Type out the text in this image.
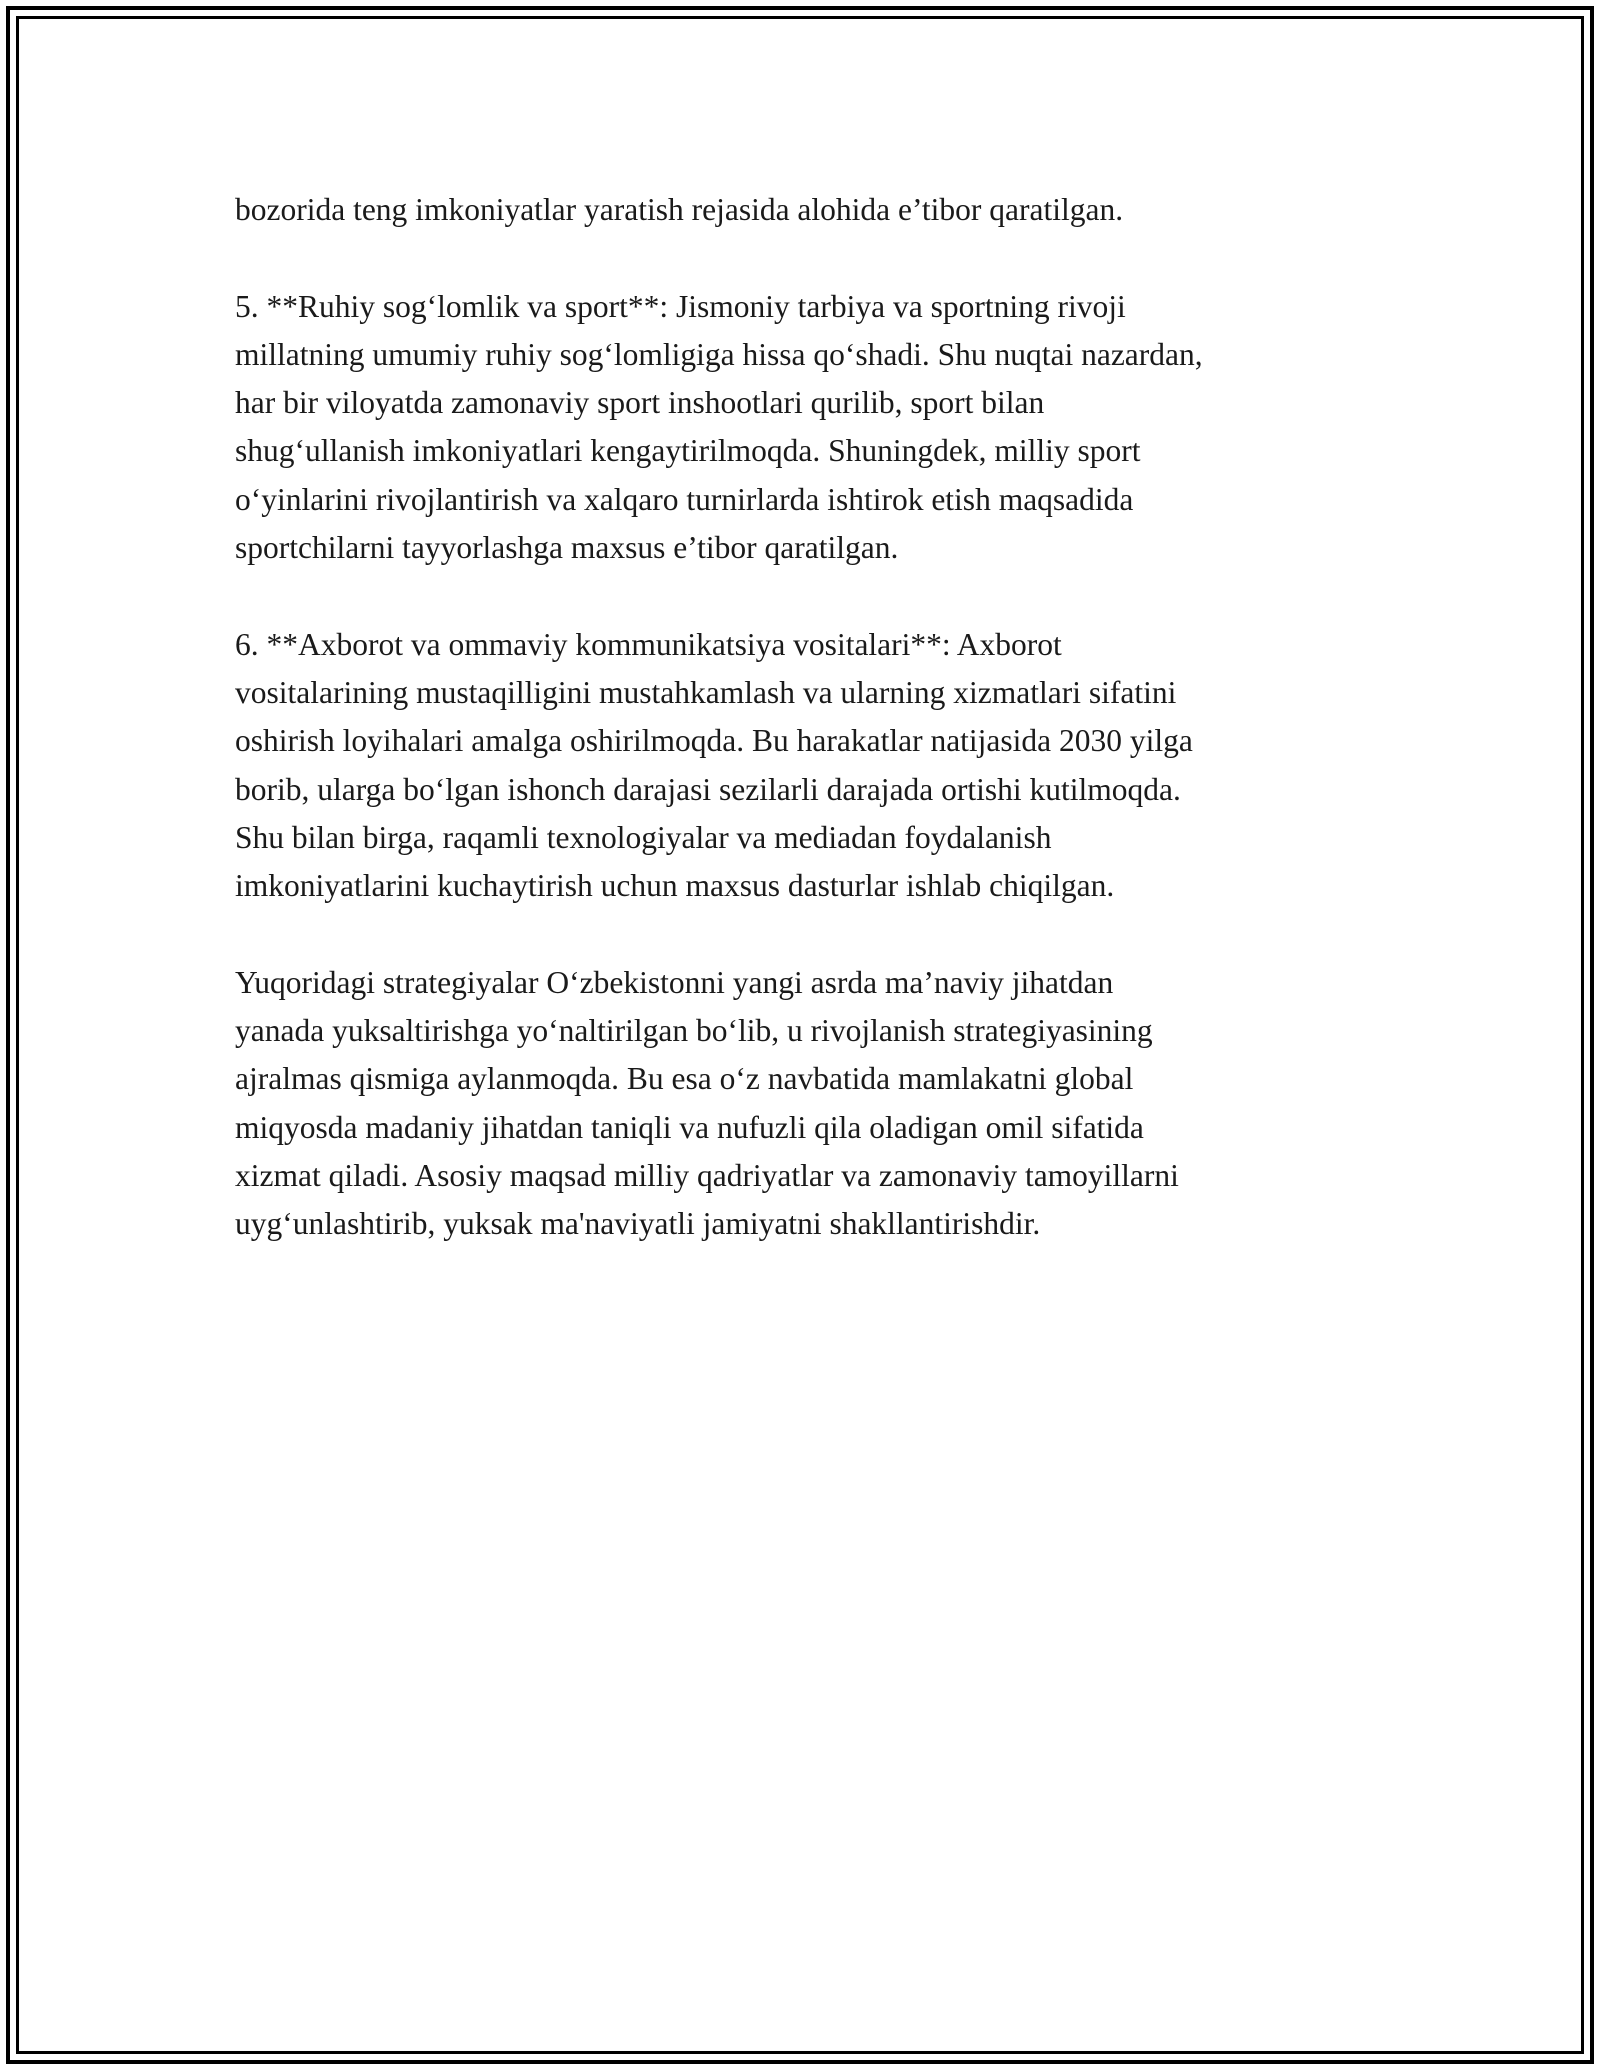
bozorida teng imkoniyatlar yaratish rejasida alohida e’tibor qaratilgan.
5. **Ruhiy sog‘lomlik va sport**: Jismoniy tarbiya va sportning rivoji
millatning umumiy ruhiy sog‘lomligiga hissa qo‘shadi. Shu nuqtai nazardan,
har bir viloyatda zamonaviy sport inshootlari qurilib, sport bilan
shug‘ullanish imkoniyatlari kengaytirilmoqda. Shuningdek, milliy sport
o‘yinlarini rivojlantirish va xalqaro turnirlarda ishtirok etish maqsadida
sportchilarni tayyorlashga maxsus e’tibor qaratilgan.
6. **Axborot va ommaviy kommunikatsiya vositalari**: Axborot
vositalarining mustaqilligini mustahkamlash va ularning xizmatlari sifatini
oshirish loyihalari amalga oshirilmoqda. Bu harakatlar natijasida 2030 yilga
borib, ularga bo‘lgan ishonch darajasi sezilarli darajada ortishi kutilmoqda.
Shu bilan birga, raqamli texnologiyalar va mediadan foydalanish
imkoniyatlarini kuchaytirish uchun maxsus dasturlar ishlab chiqilgan.
Yuqoridagi strategiyalar O‘zbekistonni yangi asrda ma’naviy jihatdan
yanada yuksaltirishga yo‘naltirilgan bo‘lib, u rivojlanish strategiyasining
ajralmas qismiga aylanmoqda. Bu esa o‘z navbatida mamlakatni global
miqyosda madaniy jihatdan taniqli va nufuzli qila oladigan omil sifatida
xizmat qiladi. Asosiy maqsad milliy qadriyatlar va zamonaviy tamoyillarni
uyg‘unlashtirib, yuksak ma'naviyatli jamiyatni shakllantirishdir.
